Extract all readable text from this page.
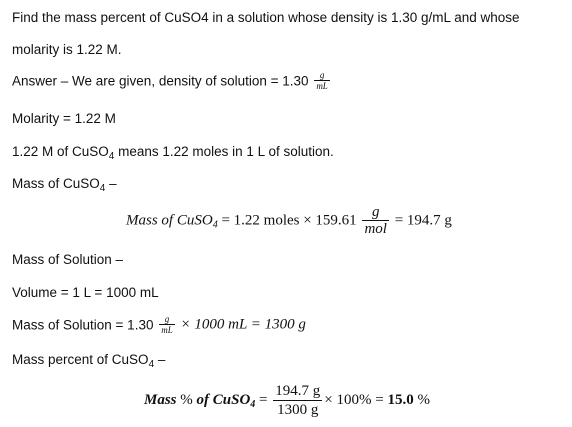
Find the mass percent of CuSO4 in a solution whose density is 1.30 g/mL and whose
molarity is 1.22 M.
Answer – We are given, density of solution = $1.30 \frac{g}{mL}$
Molarity = 1.22 M
1.22 M of CuSO$_4$ means 1.22 moles in 1 L of solution.
Mass of CuSO$_4$ –
Mass of CuSO$_4$ = 1.22 moles × $159.61 \frac{g}{\text{mol}} = 194.7$ g
Mass of Solution –
Volume = 1 L = 1000 mL
Mass of Solution = $1.30 \frac{g}{mL} \times 1000$ mL = 1300 g
Mass percent of CuSO$_4$ –
Mass % of CuSO$_4$ = $\frac{194.7 g}{1300 g} \times 100\% = 15.0$ %
